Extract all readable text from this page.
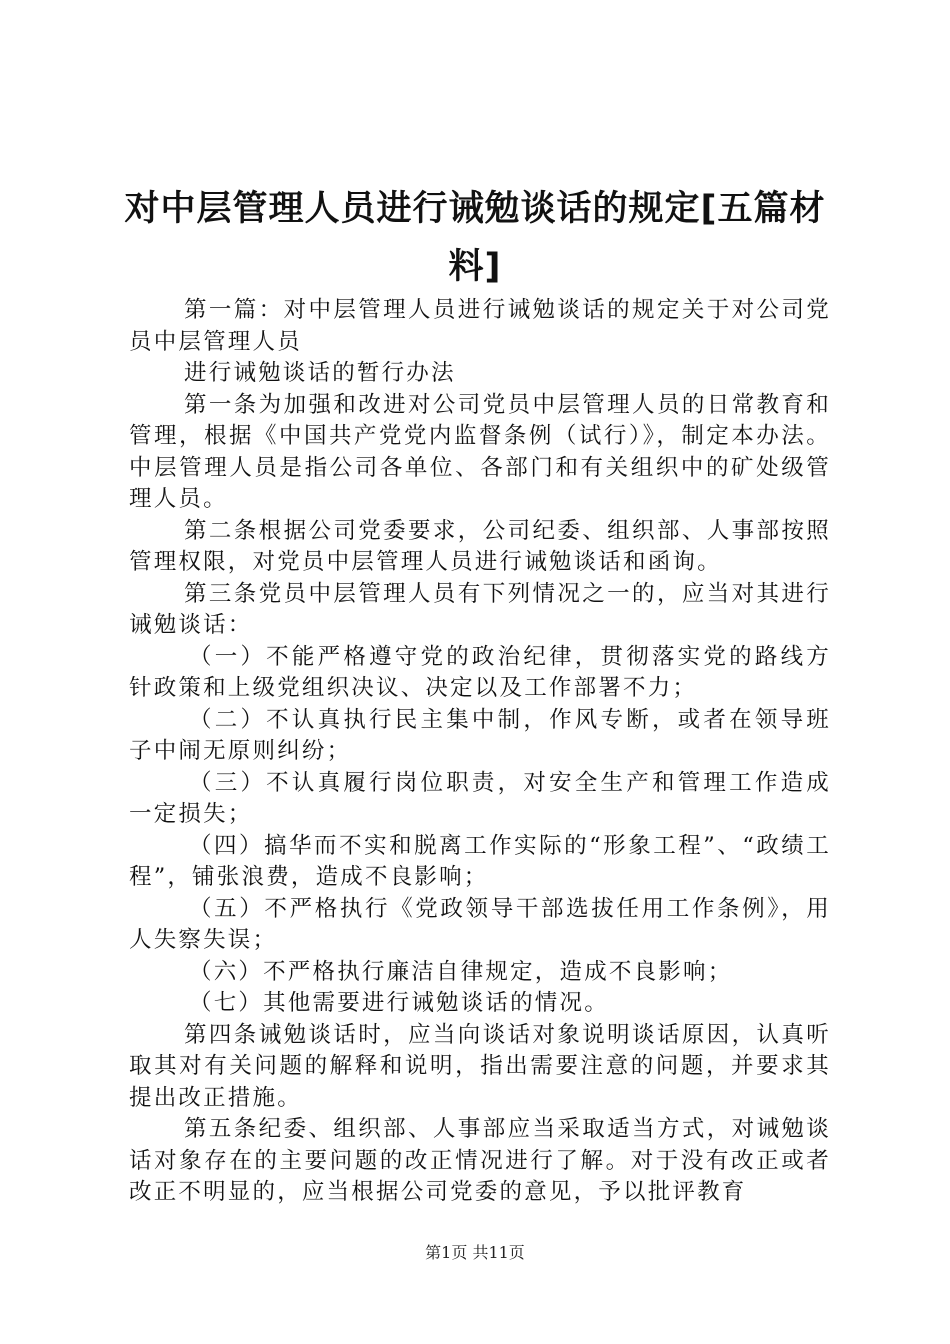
对中层管理人员进行诫勉谈话的规定[五篇材料]

第一篇：对中层管理人员进行诫勉谈话的规定关于对公司党员中层管理人员

进行诫勉谈话的暂行办法

第一条为加强和改进对公司党员中层管理人员的日常教育和管理，根据《中国共产党党内监督条例（试行）》，制定本办法。中层管理人员是指公司各单位、各部门和有关组织中的矿处级管理人员。

第二条根据公司党委要求，公司纪委、组织部、人事部按照管理权限，对党员中层管理人员进行诫勉谈话和函询。

第三条党员中层管理人员有下列情况之一的，应当对其进行诫勉谈话：

（一）不能严格遵守党的政治纪律，贯彻落实党的路线方针政策和上级党组织决议、决定以及工作部署不力；

（二）不认真执行民主集中制，作风专断，或者在领导班子中闹无原则纠纷；

（三）不认真履行岗位职责，对安全生产和管理工作造成一定损失；

（四）搞华而不实和脱离工作实际的“形象工程”、“政绩工程”，铺张浪费，造成不良影响；

（五）不严格执行《党政领导干部选拔任用工作条例》，用人失察失误；

（六）不严格执行廉洁自律规定，造成不良影响；

（七）其他需要进行诫勉谈话的情况。

第四条诫勉谈话时，应当向谈话对象说明谈话原因，认真听取其对有关问题的解释和说明，指出需要注意的问题，并要求其提出改正措施。

第五条纪委、组织部、人事部应当采取适当方式，对诫勉谈话对象存在的主要问题的改正情况进行了解。对于没有改正或者改正不明显的，应当根据公司党委的意见，予以批评教育

第1页 共11页
